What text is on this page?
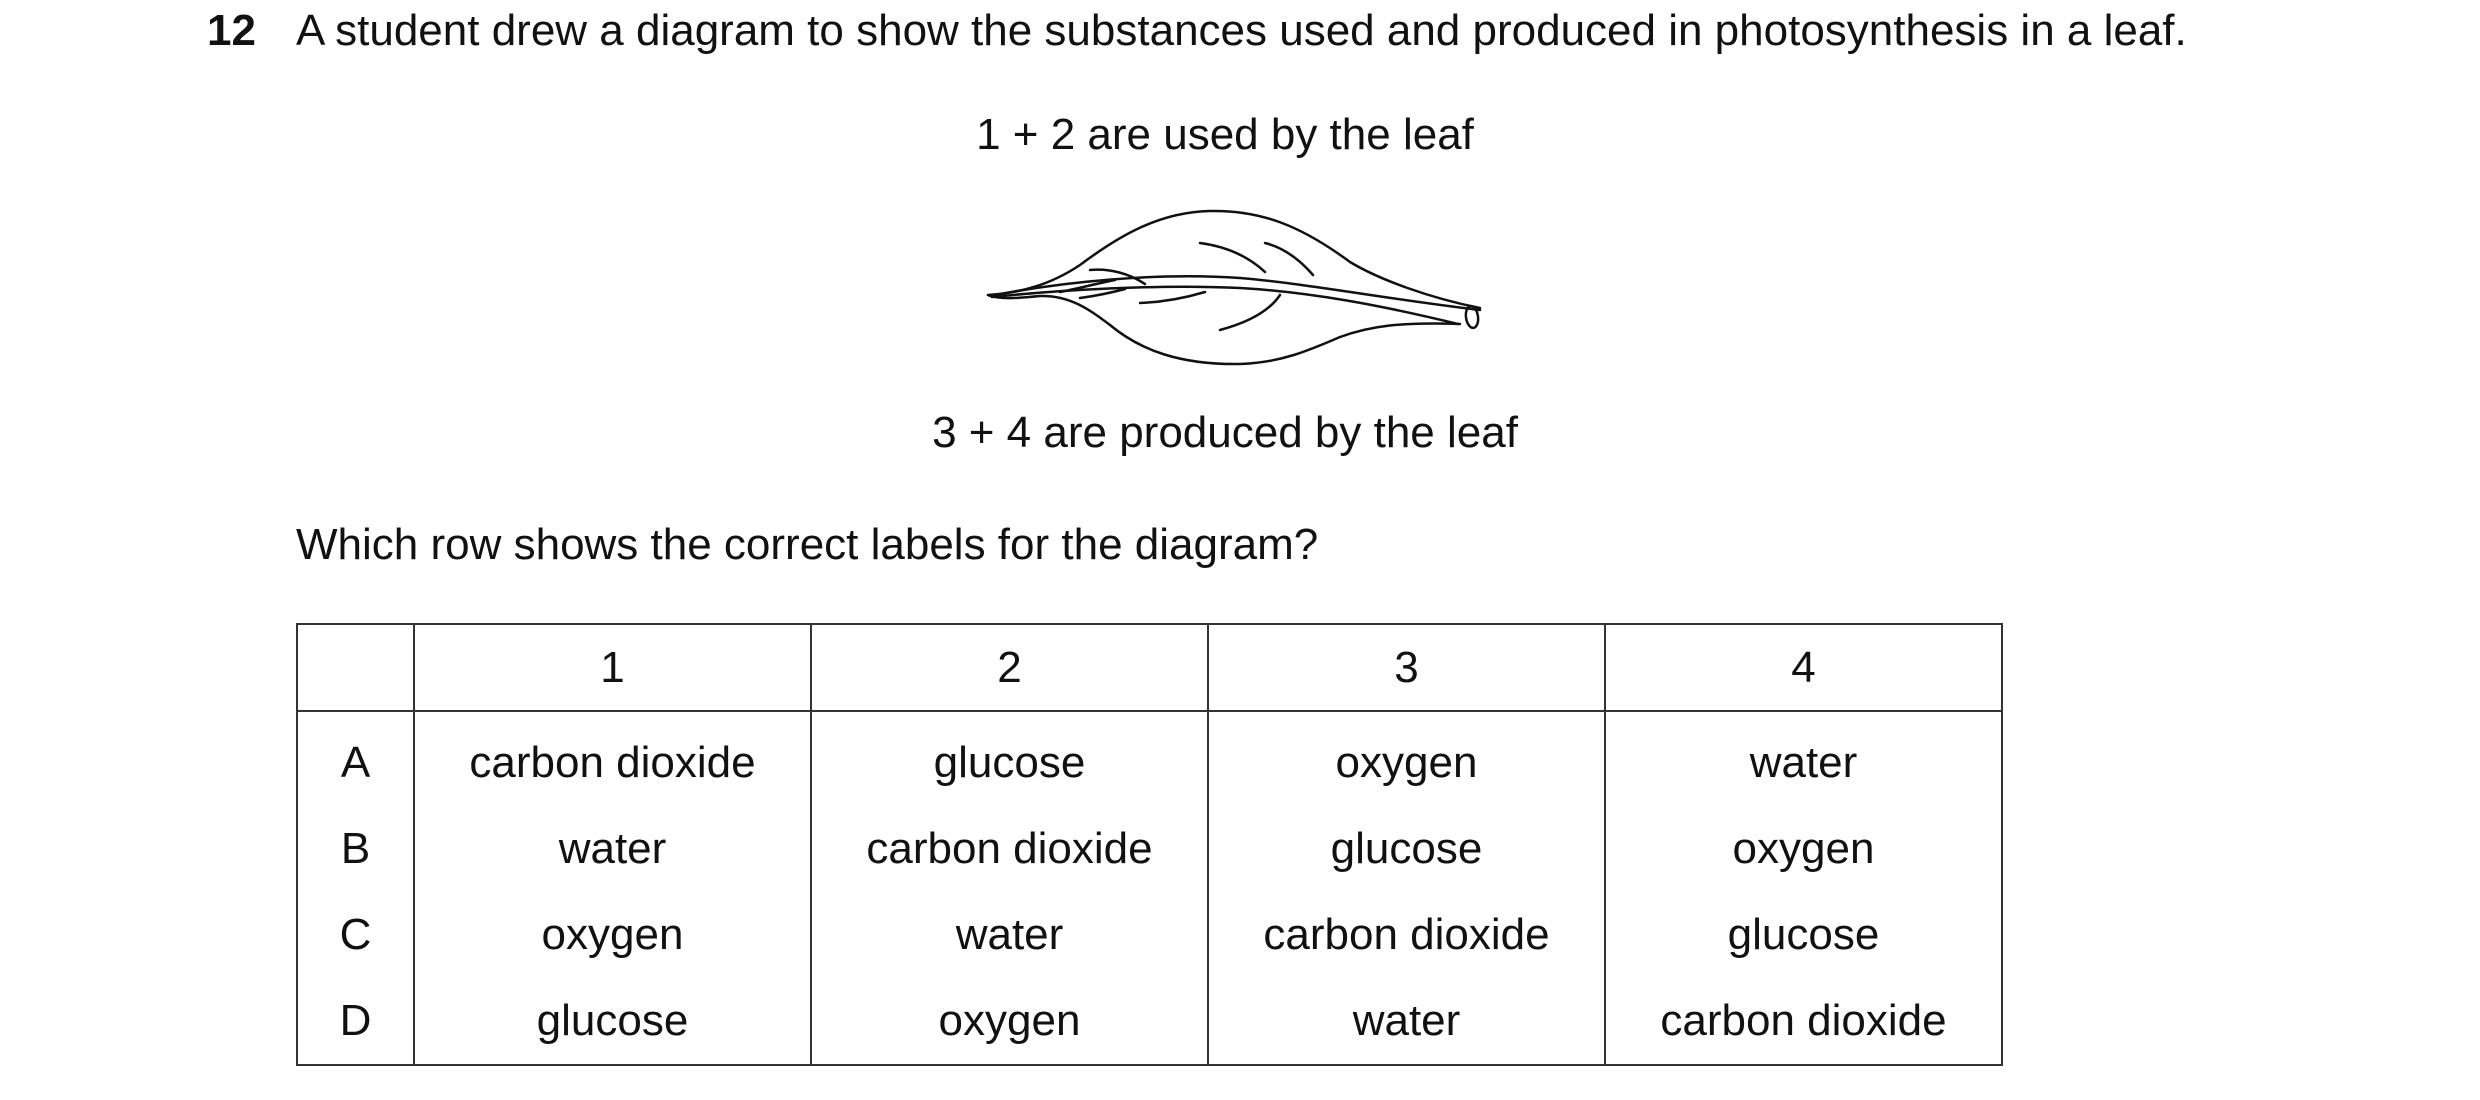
12 A student drew a diagram to show the substances used and produced in photosynthesis in a leaf.
1 + 2 are used by the leaf
3 + 4 are produced by the leaf
Which row shows the correct labels for the diagram?
	1	2	3	4
A	carbon dioxide	glucose	oxygen	water
B	water	carbon dioxide	glucose	oxygen
C	oxygen	water	carbon dioxide	glucose
D	glucose	oxygen	water	carbon dioxide
